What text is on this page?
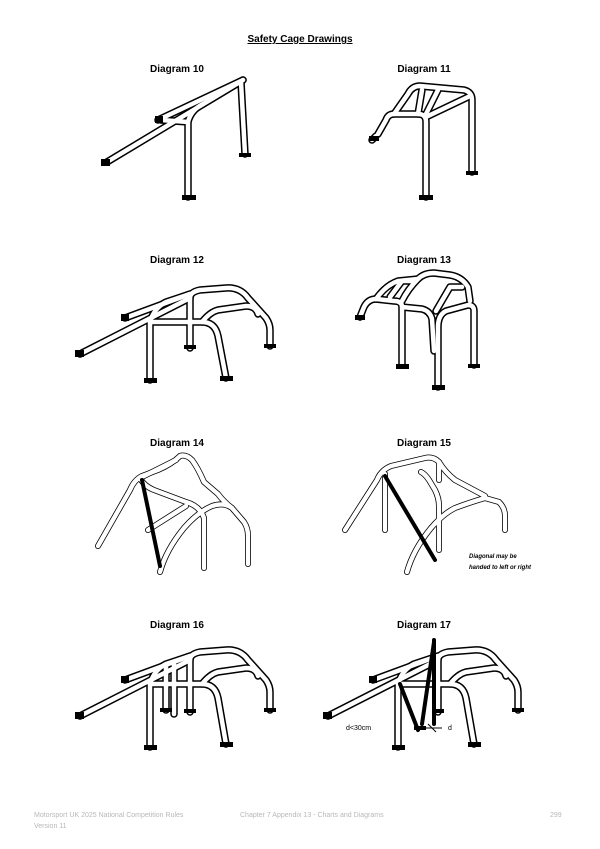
Safety Cage Drawings
Diagram 10	Diagram 11
Diagram 12	Diagram 13
Diagram 14	Diagram 15
Diagram 16	Diagram 17
Diagonal may be
handed to left or right
d<30cm	d
Motorsport UK 2025 National Competition Rules
Version 11
Chapter 7 Appendix 13 - Charts and Diagrams	299
